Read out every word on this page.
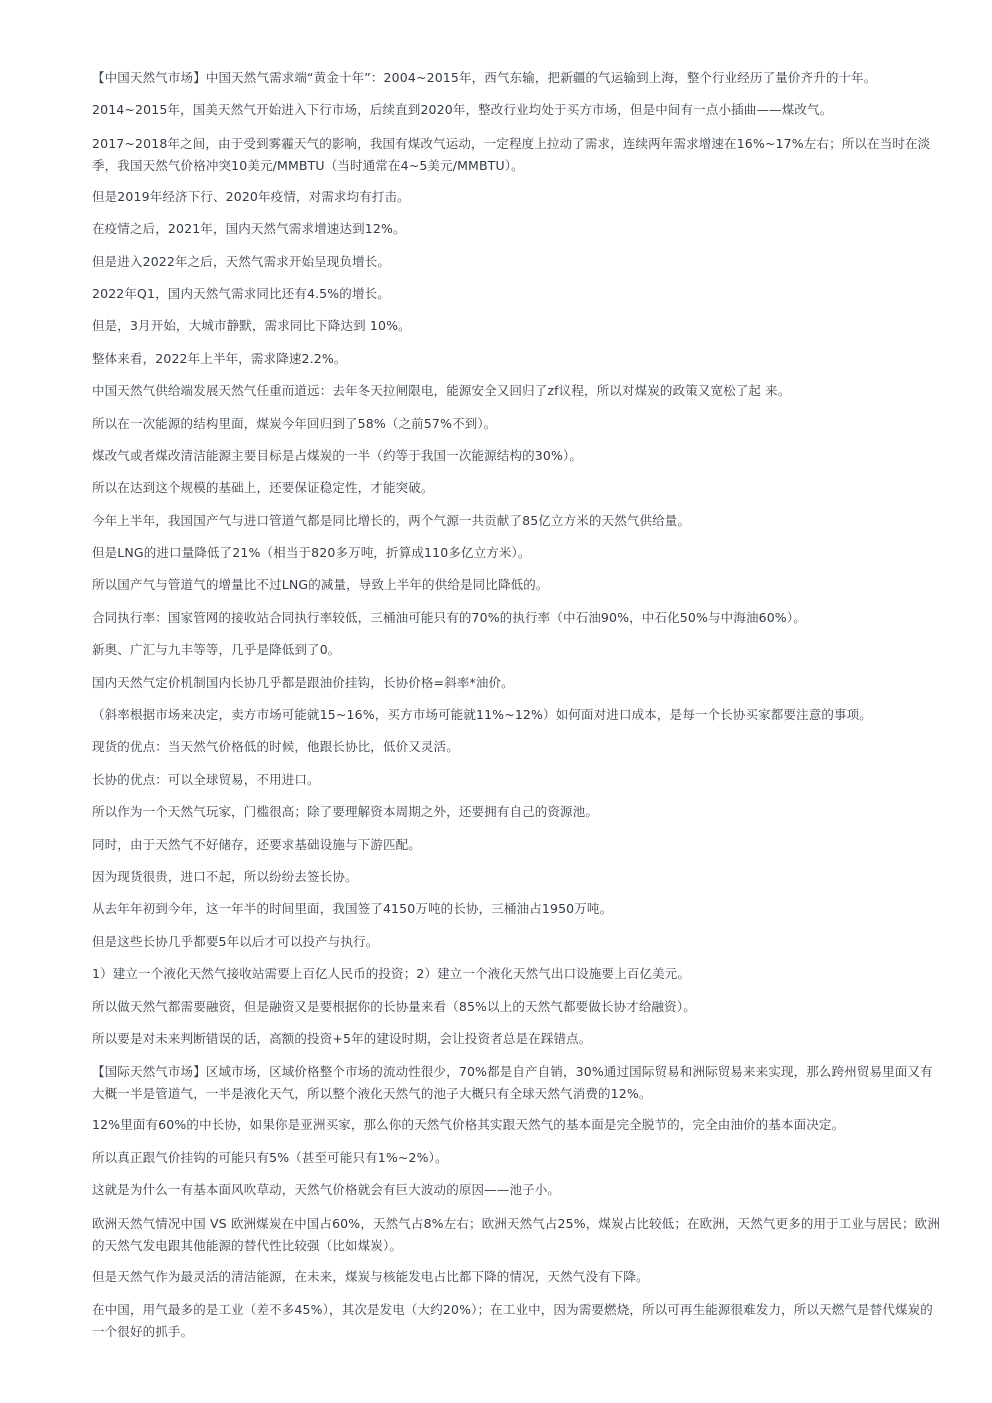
【中国天然气市场】中国天然气需求端“黄金十年”：2004~2015年，西气东输，把新疆的气运输到上海，整个行业经历了量价齐升的十年。

2014~2015年，国美天然气开始进入下行市场，后续直到2020年，整改行业均处于买方市场，但是中间有一点小插曲——煤改气。

2017~2018年之间，由于受到雾霾天气的影响，我国有煤改气运动，一定程度上拉动了需求，连续两年需求增速在16%~17%左右；所以在当时在淡季，我国天然气价格冲突10美元/MMBTU（当时通常在4~5美元/MMBTU）。

但是2019年经济下行、2020年疫情，对需求均有打击。

在疫情之后，2021年，国内天然气需求增速达到12%。

但是进入2022年之后，天然气需求开始呈现负增长。

2022年Q1，国内天然气需求同比还有4.5%的增长。

但是，3月开始，大城市静默，需求同比下降达到 10%。

整体来看，2022年上半年，需求降速2.2%。

中国天然气供给端发展天然气任重而道远：去年冬天拉闸限电，能源安全又回归了zf议程，所以对煤炭的政策又宽松了起 来。

所以在一次能源的结构里面，煤炭今年回归到了58%（之前57%不到）。

煤改气或者煤改清洁能源主要目标是占煤炭的一半（约等于我国一次能源结构的30%）。

所以在达到这个规模的基础上，还要保证稳定性，才能突破。

今年上半年，我国国产气与进口管道气都是同比增长的，两个气源一共贡献了85亿立方米的天然气供给量。

但是LNG的进口量降低了21%（相当于820多万吨，折算成110多亿立方米）。

所以国产气与管道气的增量比不过LNG的减量，导致上半年的供给是同比降低的。

合同执行率：国家管网的接收站合同执行率较低，三桶油可能只有的70%的执行率（中石油90%，中石化50%与中海油60%）。

新奥、广汇与九丰等等，几乎是降低到了0。

国内天然气定价机制国内长协几乎都是跟油价挂钩，长协价格=斜率*油价。

（斜率根据市场来决定，卖方市场可能就15~16%，买方市场可能就11%~12%）如何面对进口成本，是每一个长协买家都要注意的事项。

现货的优点：当天然气价格低的时候，他跟长协比，低价又灵活。

长协的优点：可以全球贸易，不用进口。

所以作为一个天然气玩家，门槛很高；除了要理解资本周期之外，还要拥有自己的资源池。

同时，由于天然气不好储存，还要求基础设施与下游匹配。

因为现货很贵，进口不起，所以纷纷去签长协。

从去年年初到今年，这一年半的时间里面，我国签了4150万吨的长协，三桶油占1950万吨。

但是这些长协几乎都要5年以后才可以投产与执行。

1）建立一个液化天然气接收站需要上百亿人民币的投资；2）建立一个液化天然气出口设施要上百亿美元。

所以做天然气都需要融资，但是融资又是要根据你的长协量来看（85%以上的天然气都要做长协才给融资）。

所以要是对未来判断错误的话，高额的投资+5年的建设时期，会让投资者总是在踩错点。

【国际天然气市场】区域市场，区域价格整个市场的流动性很少，70%都是自产自销，30%通过国际贸易和洲际贸易来来实现，那么跨州贸易里面又有大概一半是管道气，一半是液化天气，所以整个液化天然气的池子大概只有全球天然气消费的12%。

12%里面有60%的中长协，如果你是亚洲买家，那么你的天然气价格其实跟天然气的基本面是完全脱节的，完全由油价的基本面决定。

所以真正跟气价挂钩的可能只有5%（甚至可能只有1%~2%）。

这就是为什么一有基本面风吹草动，天然气价格就会有巨大波动的原因——池子小。

欧洲天然气情况中国 VS 欧洲煤炭在中国占60%，天然气占8%左右；欧洲天然气占25%，煤炭占比较低；在欧洲，天然气更多的用于工业与居民；欧洲的天然气发电跟其他能源的替代性比较强（比如煤炭）。

但是天然气作为最灵活的清洁能源，在未来，煤炭与核能发电占比都下降的情况，天然气没有下降。

在中国，用气最多的是工业（差不多45%），其次是发电（大约20%）；在工业中，因为需要燃烧，所以可再生能源很难发力，所以天燃气是替代煤炭的一个很好的抓手。
